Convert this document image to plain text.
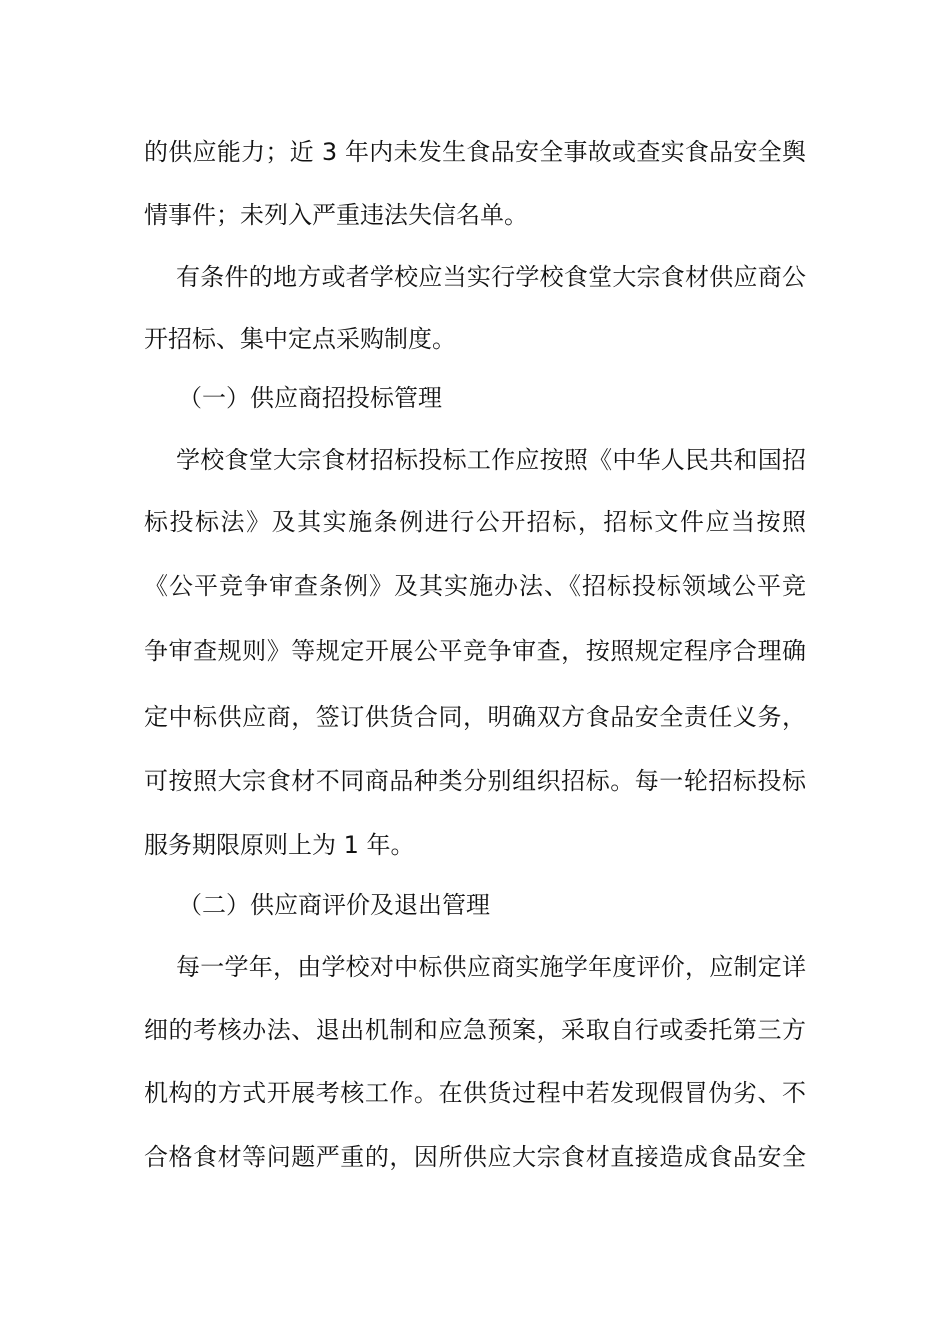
的供应能力；近 3 年内未发生食品安全事故或查实食品安全舆
情事件；未列入严重违法失信名单。
有条件的地方或者学校应当实行学校食堂大宗食材供应商公
开招标、集中定点采购制度。
（一）供应商招投标管理
学校食堂大宗食材招标投标工作应按照《中华人民共和国招
标投标法》及其实施条例进行公开招标，招标文件应当按照
《公平竞争审查条例》及其实施办法、《招标投标领域公平竞
争审查规则》等规定开展公平竞争审查，按照规定程序合理确
定中标供应商，签订供货合同，明确双方食品安全责任义务，
可按照大宗食材不同商品种类分别组织招标。每一轮招标投标
服务期限原则上为 1 年。
（二）供应商评价及退出管理
每一学年，由学校对中标供应商实施学年度评价，应制定详
细的考核办法、退出机制和应急预案，采取自行或委托第三方
机构的方式开展考核工作。在供货过程中若发现假冒伪劣、不
合格食材等问题严重的，因所供应大宗食材直接造成食品安全
